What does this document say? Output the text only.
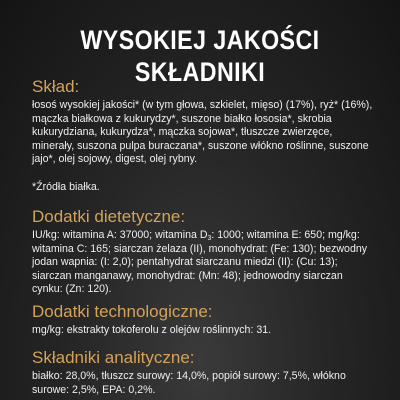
WYSOKIEJ JAKOŚCI SKŁADNIKI
Skład:

łosoś wysokiej jakości* (w tym głowa, szkielet, mięso) (17%), ryż* (16%), mączka białkowa z kukurydzy*, suszone białko łososia*, skrobia kukurydziana, kukurydza*, mączka sojowa*, tłuszcze zwierzęce, minerały, suszona pulpa buraczana*, suszone włókno roślinne, suszone jajo*, olej sojowy, digest, olej rybny.

*Źródła białka.

Dodatki dietetyczne:

IU/kg: witamina A: 37000; witamina $D_3$: 1000; witamina E: 650; mg/kg: witamina C: 165; siarczan żelaza (II), monohydrat: (Fe: 130); bezwodny jodan wapnia: (I: 2,0); pentahydrat siarczanu miedzi (II): (Cu: 13); siarczan manganawy, monohydrat: (Mn: 48); jednowodny siarczan cynku: (Zn: 120).

Dodatki technologiczne:

mg/kg: ekstrakty tokoferolu z olejów roślinnych: 31.

Składniki analityczne:

białko: 28,0%, tłuszcz surowy: 14,0%, popiół surowy: 7,5%, włókno surowe: 2,5%, EPA: 0,2%.
